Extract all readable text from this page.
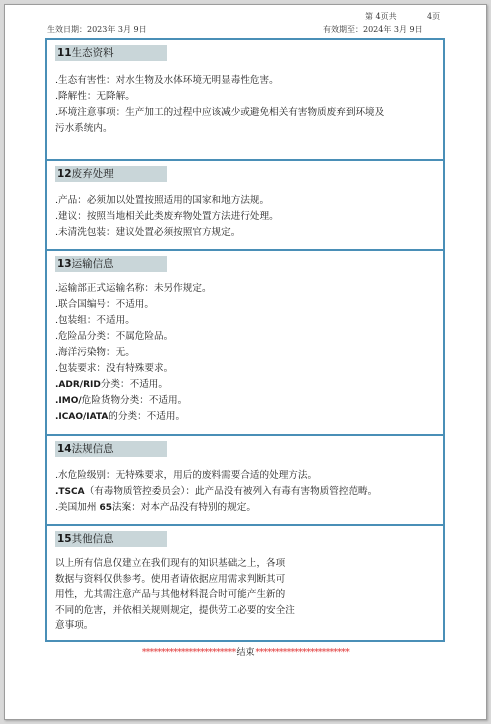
第 4页共	4页
生效日期：2023年 3月 9日	有效期至：2024年 3月 9日
11生态资料
.生态有害性：对水生物及水体环境无明显毒性危害。
.降解性：无降解。
.环境注意事项：生产加工的过程中应该减少或避免相关有害物质废弃到环境及
污水系统内。
12废弃处理
.产品：必须加以处置按照适用的国家和地方法规。
.建议：按照当地相关此类废弃物处置方法进行处理。
.未清洗包装：建议处置必须按照官方规定。
13运输信息
.运输部正式运输名称：未另作规定。
.联合国编号：不适用。
.包装组：不适用。
.危险品分类：不属危险品。
.海洋污染物：无。
.包装要求：没有特殊要求。
.ADR/RID分类：不适用。
.IMO/危险货物分类：不适用。
.ICAO/IATA的分类：不适用。
14法规信息
.水危险级别：无特殊要求，用后的废料需要合适的处理方法。
.TSCA（有毒物质管控委员会）：此产品没有被列入有毒有害物质管控范畴。
.美国加州 65法案：对本产品没有特别的规定。
15其他信息
以上所有信息仅建立在我们现有的知识基础之上，各项
数据与资料仅供参考。使用者请依据应用需求判断其可
用性，尤其需注意产品与其他材料混合时可能产生新的
不同的危害，并依相关规则规定，提供劳工必要的安全注
意事项。
************************结束************************
